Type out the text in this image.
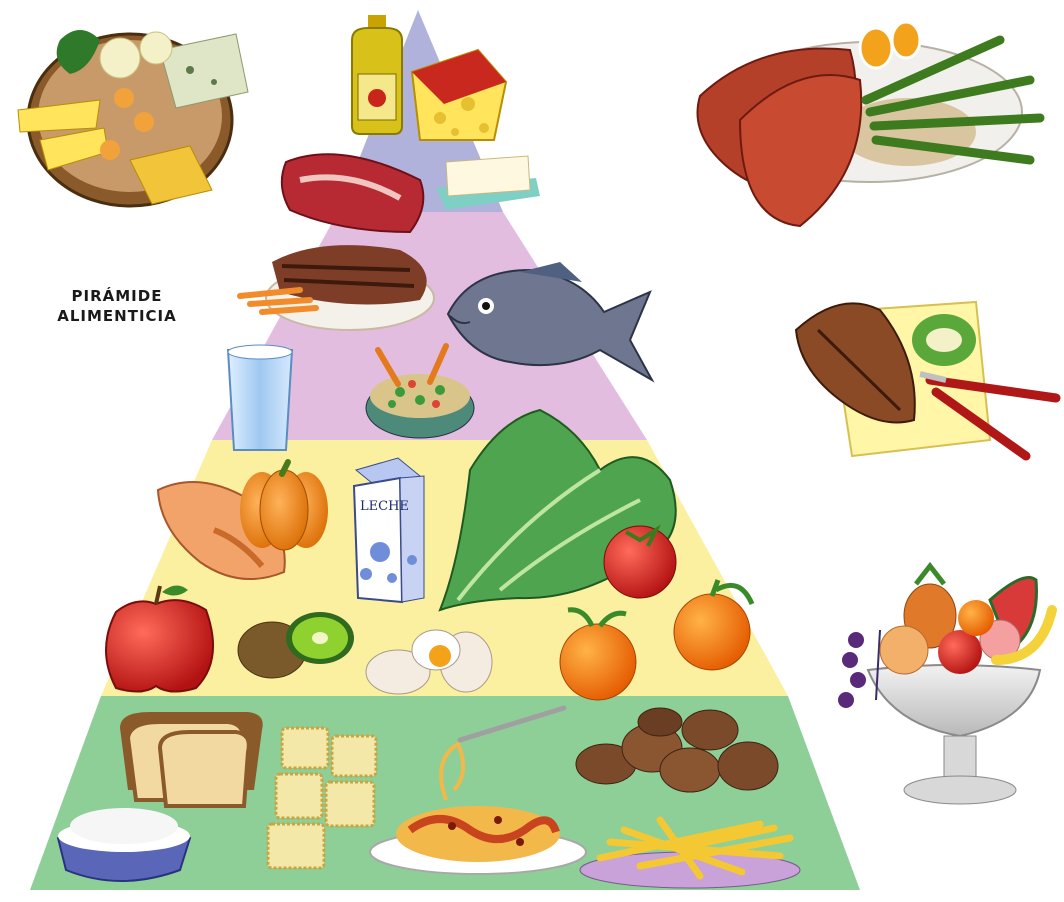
LECHE
PIRÁMIDE
ALIMENTICIA
